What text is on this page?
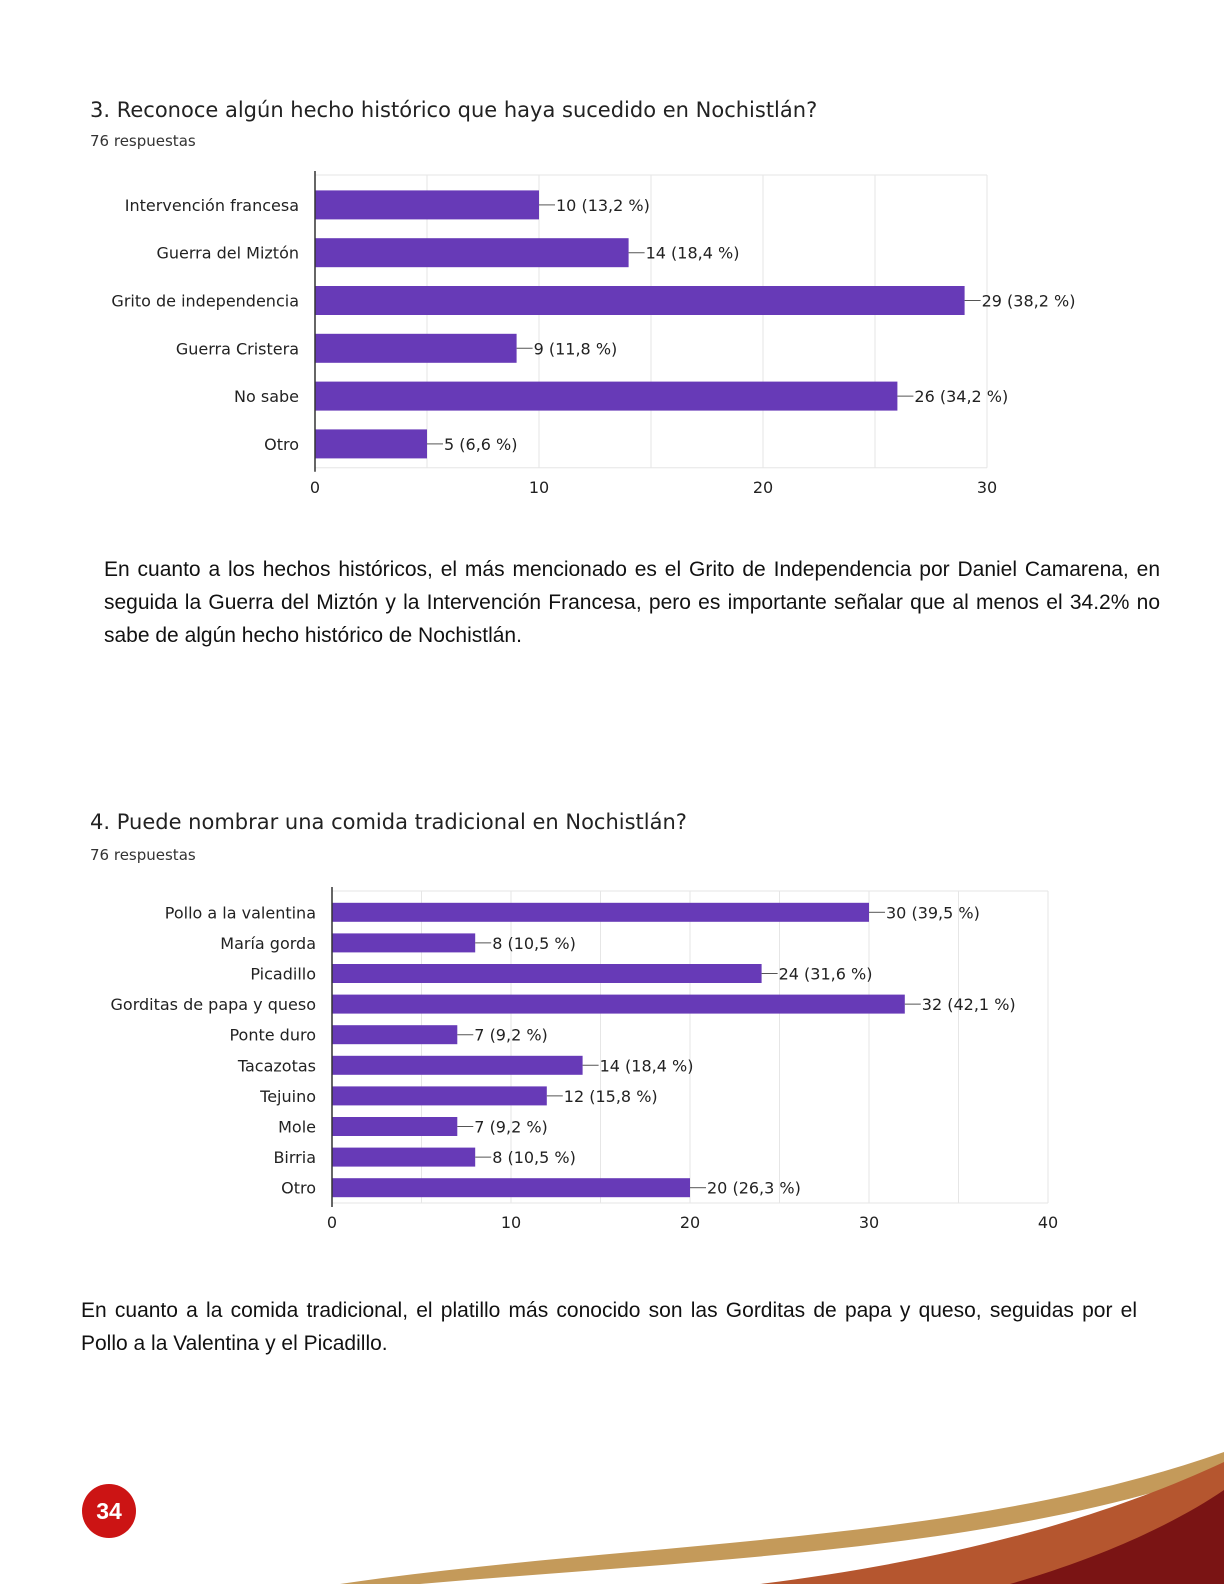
3. Reconoce algún hecho histórico que haya sucedido en Nochistlán?
76 respuestas
Intervención francesa	10 (13,2 %)
Guerra del Miztón	14 (18,4 %)
Grito de independencia	29 (38,2 %)
Guerra Cristera	9 (11,8 %)
No sabe	26 (34,2 %)
Otro	5 (6,6 %)
0	10	20	30
En cuanto a los hechos históricos, el más mencionado es el Grito de Independencia por Daniel Camarena, en seguida la Guerra del Miztón y la Intervención Francesa, pero es importante señalar que al menos el 34.2% no sabe de algún hecho histórico de Nochistlán.
4. Puede nombrar una comida tradicional en Nochistlán?
76 respuestas
Pollo a la valentina	30 (39,5 %)
María gorda	8 (10,5 %)
Picadillo	24 (31,6 %)
Gorditas de papa y queso	32 (42,1 %)
Ponte duro	7 (9,2 %)
Tacazotas	14 (18,4 %)
Tejuino	12 (15,8 %)
Mole	7 (9,2 %)
Birria	8 (10,5 %)
Otro	20 (26,3 %)
0	10	20	30	40
En cuanto a la comida tradicional, el platillo más conocido son las Gorditas de papa y queso, seguidas por el Pollo a la Valentina y el Picadillo.
34
